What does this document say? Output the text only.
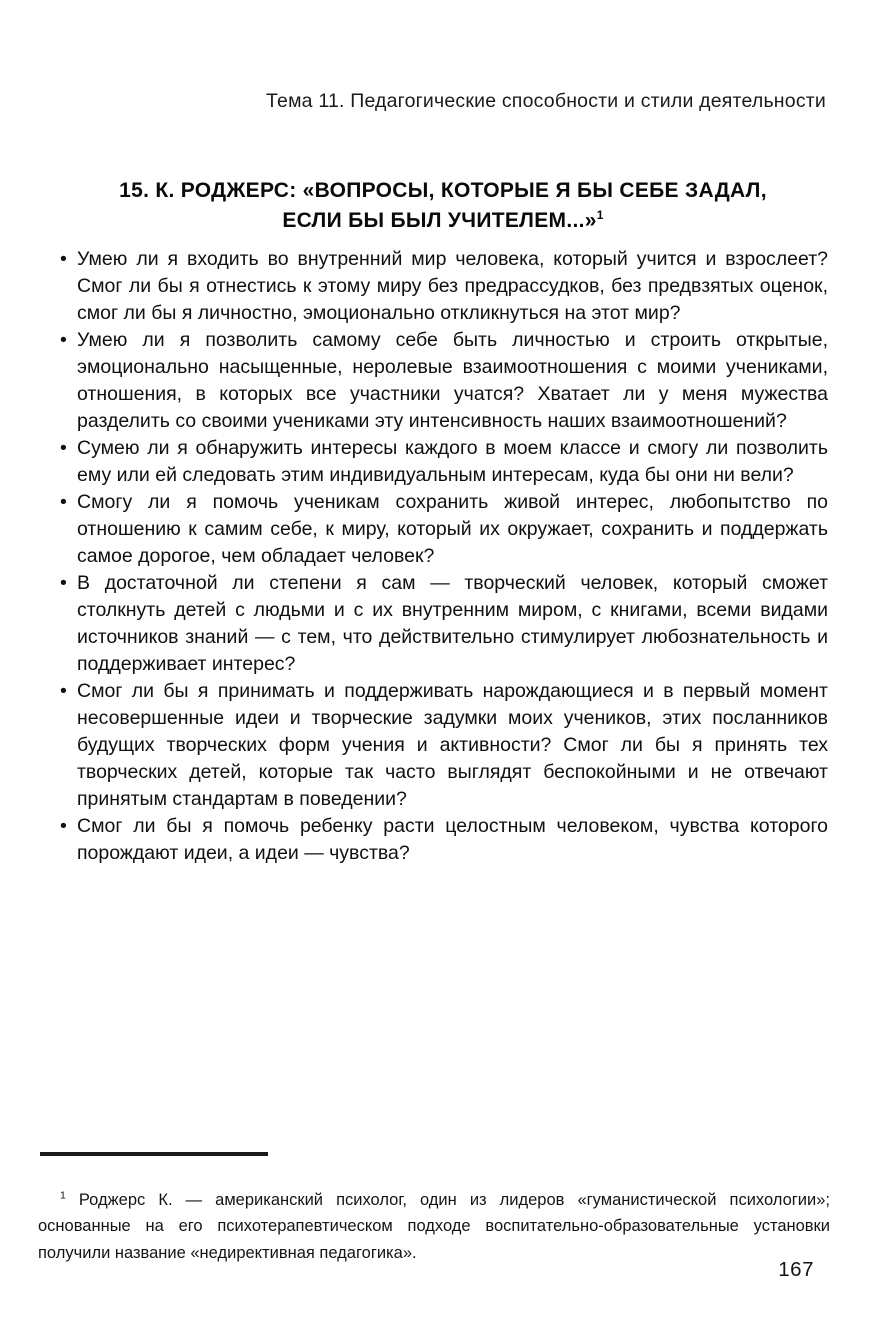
Тема 11. Педагогические способности и стили деятельности
15. К. РОДЖЕРС: «ВОПРОСЫ, КОТОРЫЕ Я БЫ СЕБЕ ЗАДАЛ,
ЕСЛИ БЫ БЫЛ УЧИТЕЛЕМ...»$^1$
• Умею ли я входить во внутренний мир человека, который учится и взрослеет? Смог ли бы я отнестись к этому миру без предрассудков, без предвзятых оценок, смог ли бы я личностно, эмоционально откликнуться на этот мир?
• Умею ли я позволить самому себе быть личностью и строить открытые, эмоционально насыщенные, неролевые взаимоотношения с моими учениками, отношения, в которых все участники учатся? Хватает ли у меня мужества разделить со своими учениками эту интенсивность наших взаимоотношений?
• Сумею ли я обнаружить интересы каждого в моем классе и смогу ли позволить ему или ей следовать этим индивидуальным интересам, куда бы они ни вели?
• Смогу ли я помочь ученикам сохранить живой интерес, любопытство по отношению к самим себе, к миру, который их окружает, сохранить и поддержать самое дорогое, чем обладает человек?
• В достаточной ли степени я сам — творческий человек, который сможет столкнуть детей с людьми и с их внутренним миром, с книгами, всеми видами источников знаний — с тем, что действительно стимулирует любознательность и поддерживает интерес?
• Смог ли бы я принимать и поддерживать нарождающиеся и в первый момент несовершенные идеи и творческие задумки моих учеников, этих посланников будущих творческих форм учения и активности? Смог ли бы я принять тех творческих детей, которые так часто выглядят беспокойными и не отвечают принятым стандартам в поведении?
• Смог ли бы я помочь ребенку расти целостным человеком, чувства которого порождают идеи, а идеи — чувства?

$^1$ Роджерс К. — американский психолог, один из лидеров «гуманистической психологии»; основанные на его психотерапевтическом подходе воспитательно-образовательные установки получили название «недирективная педагогика».

167
